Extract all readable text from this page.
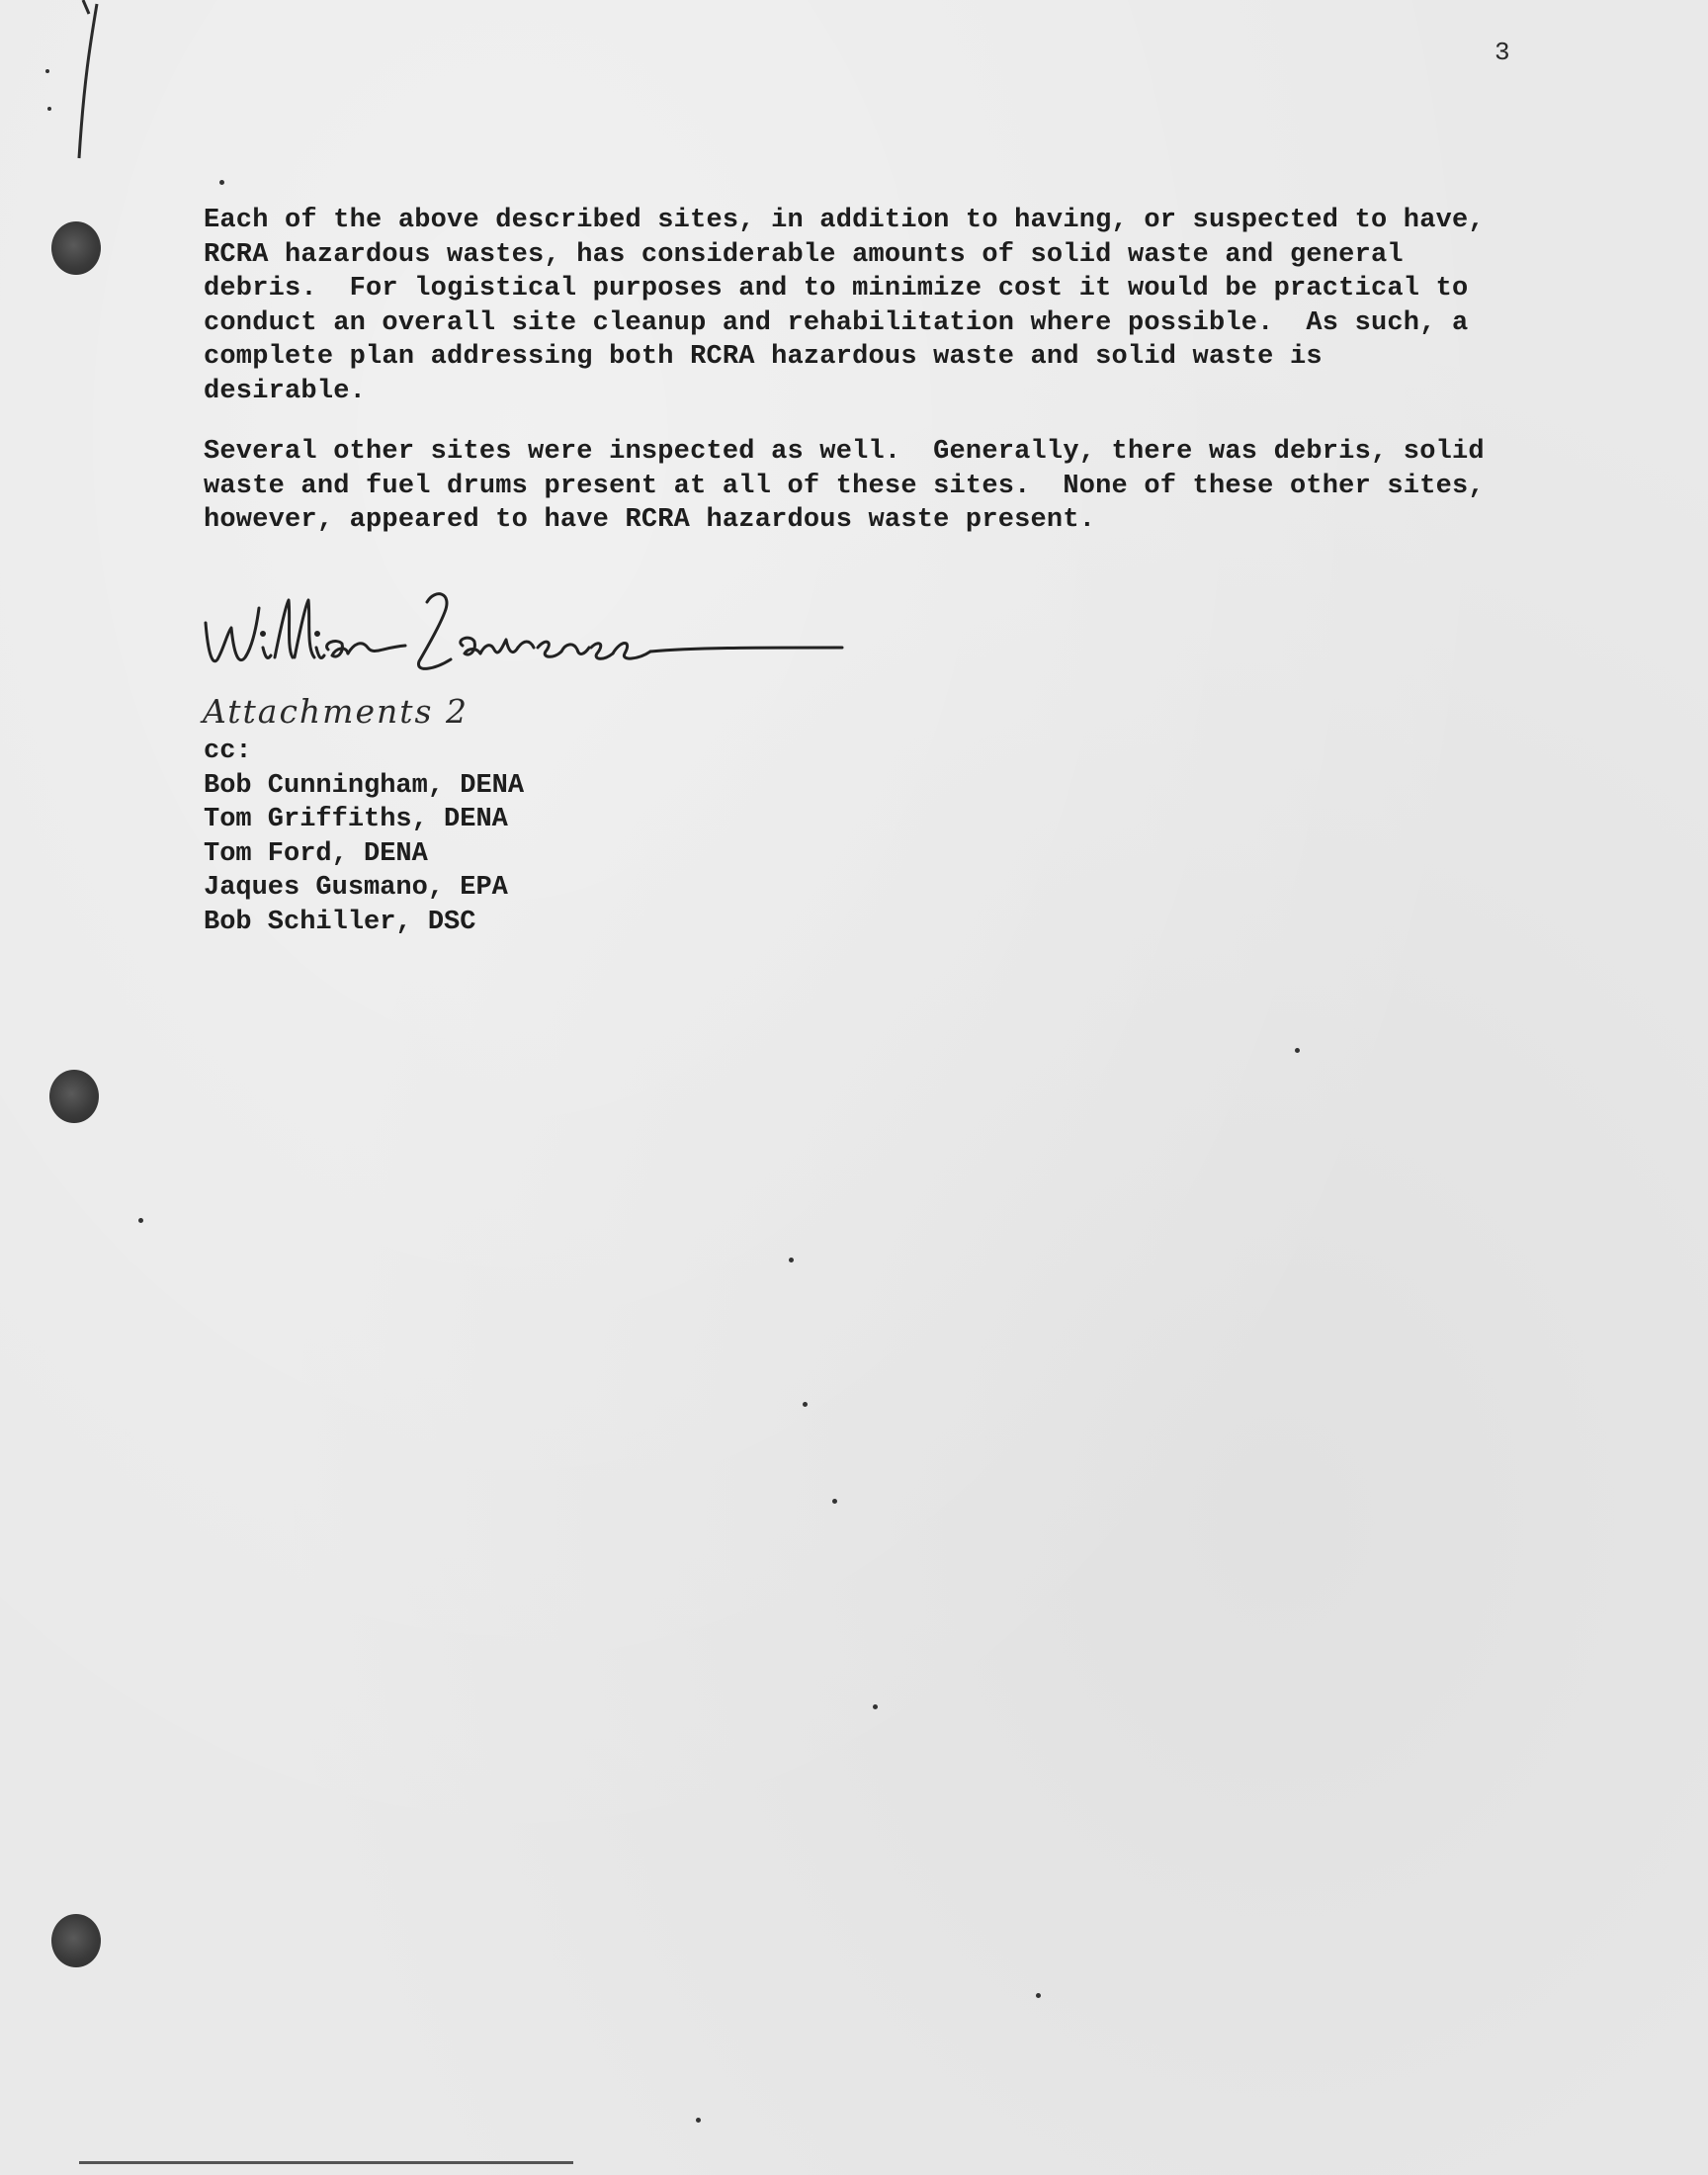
3
Each of the above described sites, in addition to having, or suspected to have,
RCRA hazardous wastes, has considerable amounts of solid waste and general
debris.  For logistical purposes and to minimize cost it would be practical to
conduct an overall site cleanup and rehabilitation where possible.  As such, a
complete plan addressing both RCRA hazardous waste and solid waste is
desirable.
Several other sites were inspected as well.  Generally, there was debris, solid
waste and fuel drums present at all of these sites.  None of these other sites,
however, appeared to have RCRA hazardous waste present.
Attachments 2
cc:
Bob Cunningham, DENA
Tom Griffiths, DENA
Tom Ford, DENA
Jaques Gusmano, EPA
Bob Schiller, DSC
